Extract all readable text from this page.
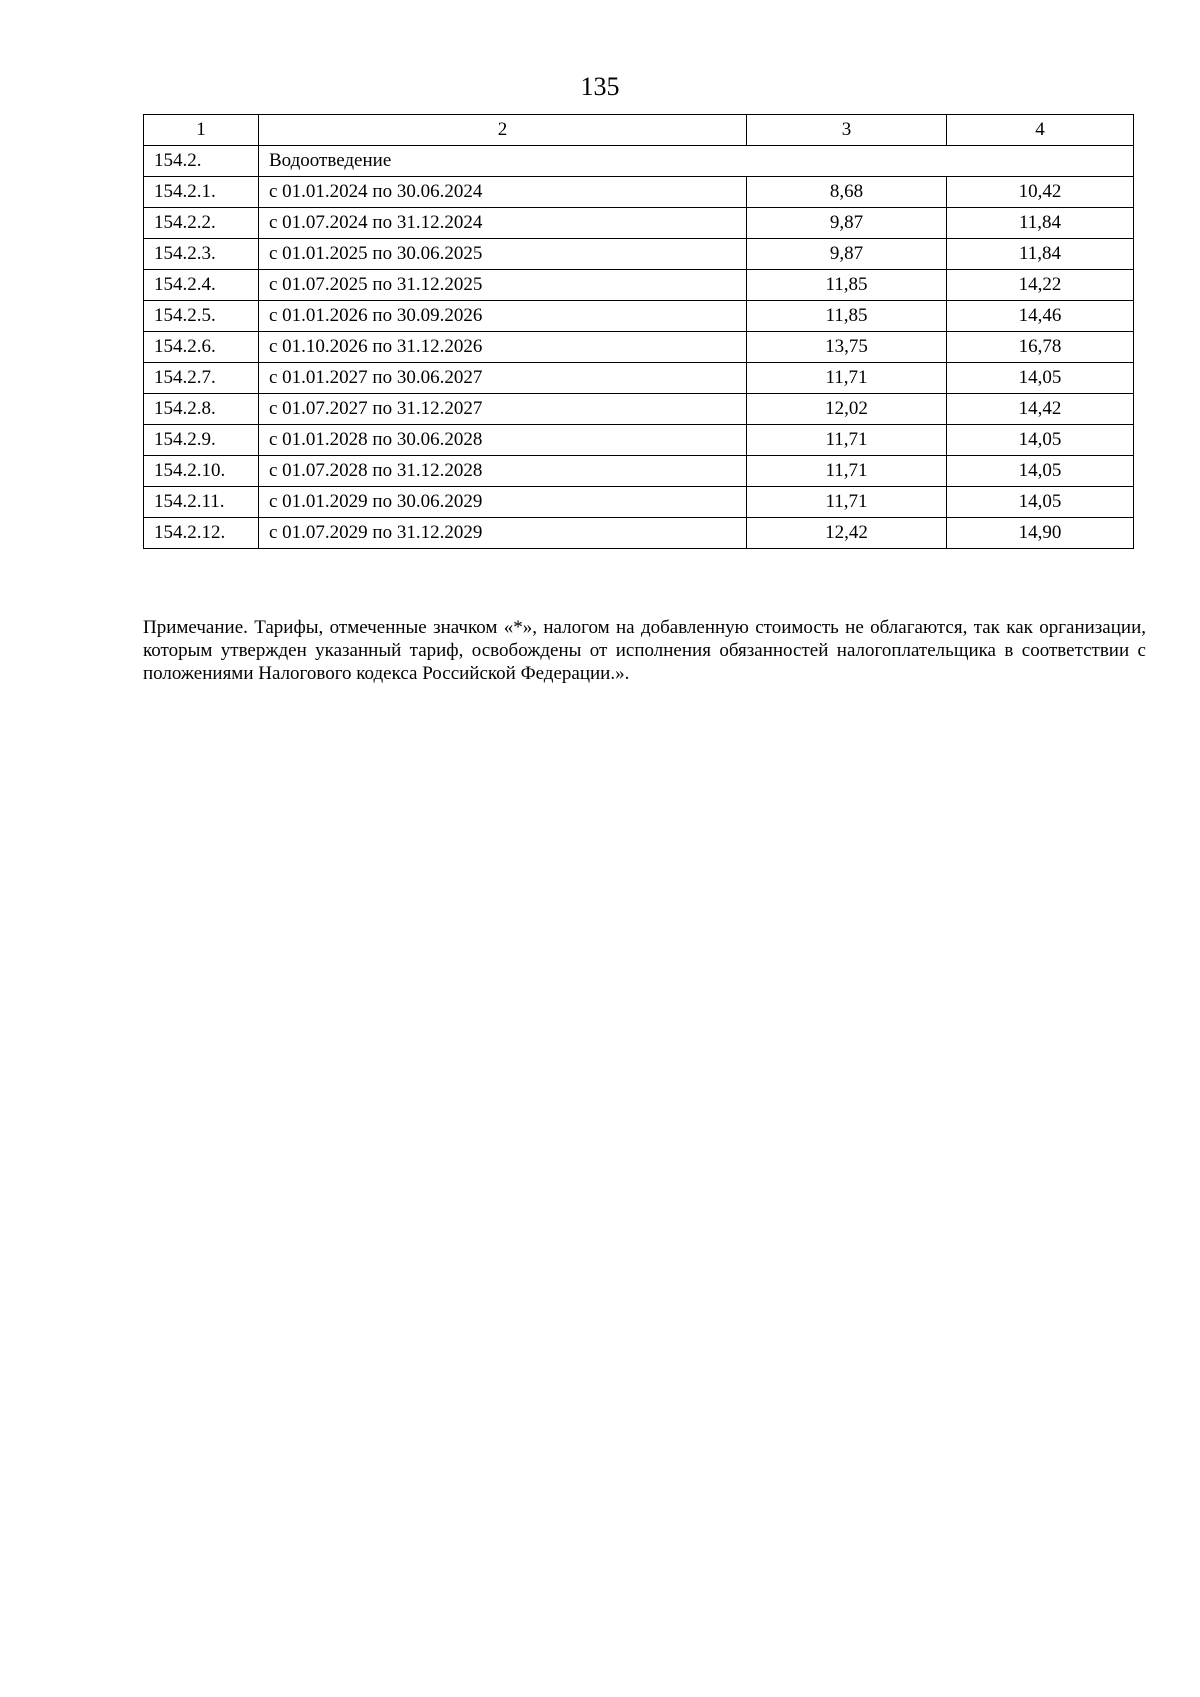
135
1	2	3	4
154.2.	Водоотведение		
154.2.1.	с 01.01.2024 по 30.06.2024	8,68	10,42
154.2.2.	с 01.07.2024 по 31.12.2024	9,87	11,84
154.2.3.	с 01.01.2025 по 30.06.2025	9,87	11,84
154.2.4.	с 01.07.2025 по 31.12.2025	11,85	14,22
154.2.5.	с 01.01.2026 по 30.09.2026	11,85	14,46
154.2.6.	с 01.10.2026 по 31.12.2026	13,75	16,78
154.2.7.	с 01.01.2027 по 30.06.2027	11,71	14,05
154.2.8.	с 01.07.2027 по 31.12.2027	12,02	14,42
154.2.9.	с 01.01.2028 по 30.06.2028	11,71	14,05
154.2.10.	с 01.07.2028 по 31.12.2028	11,71	14,05
154.2.11.	с 01.01.2029 по 30.06.2029	11,71	14,05
154.2.12.	с 01.07.2029 по 31.12.2029	12,42	14,90

Примечание. Тарифы, отмеченные значком «*», налогом на добавленную стоимость не облагаются, так как организации, которым утвержден указанный тариф, освобождены от исполнения обязанностей налогоплательщика в соответствии с положениями Налогового кодекса Российской Федерации.».
